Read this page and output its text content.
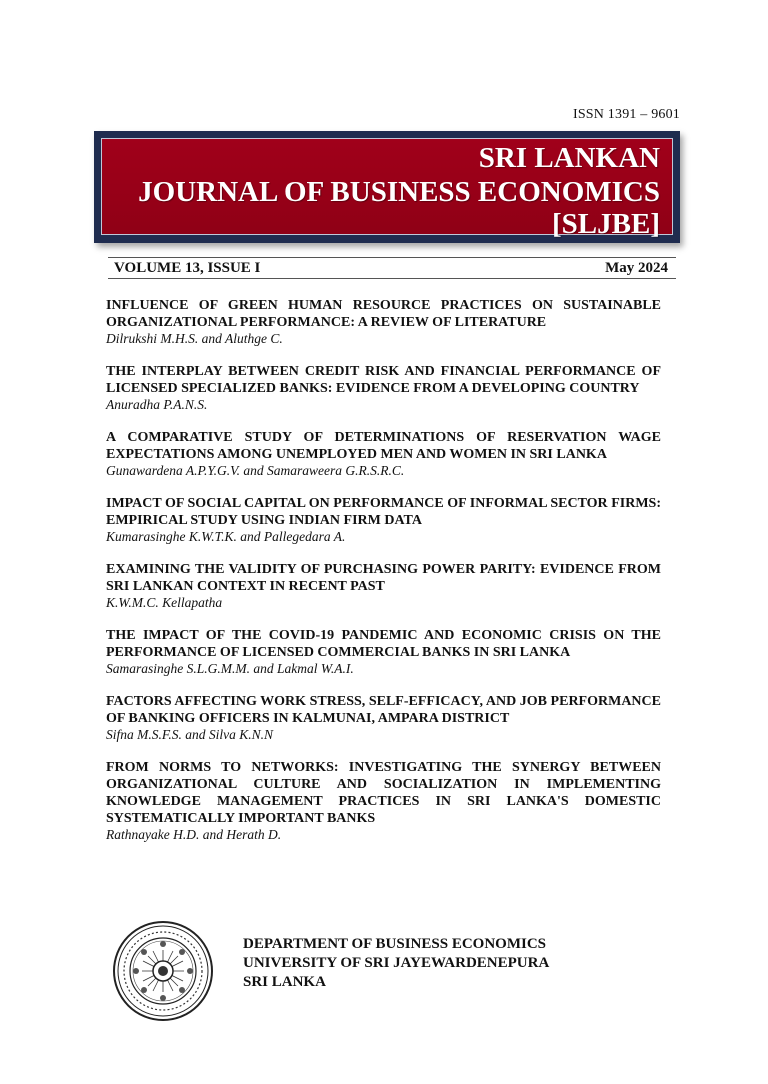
ISSN 1391 – 9601
SRI LANKAN
JOURNAL OF BUSINESS ECONOMICS
[SLJBE]
VOLUME 13, ISSUE I	May 2024

INFLUENCE OF GREEN HUMAN RESOURCE PRACTICES ON SUSTAINABLE ORGANIZATIONAL PERFORMANCE: A REVIEW OF LITERATURE

Dilrukshi M.H.S. and Aluthge C.

THE INTERPLAY BETWEEN CREDIT RISK AND FINANCIAL PERFORMANCE OF LICENSED SPECIALIZED BANKS: EVIDENCE FROM A DEVELOPING COUNTRY

Anuradha P.A.N.S.

A COMPARATIVE STUDY OF DETERMINATIONS OF RESERVATION WAGE EXPECTATIONS AMONG UNEMPLOYED MEN AND WOMEN IN SRI LANKA

Gunawardena A.P.Y.G.V. and Samaraweera G.R.S.R.C.

IMPACT OF SOCIAL CAPITAL ON PERFORMANCE OF INFORMAL SECTOR FIRMS: EMPIRICAL STUDY USING INDIAN FIRM DATA

Kumarasinghe K.W.T.K. and Pallegedara A.

EXAMINING THE VALIDITY OF PURCHASING POWER PARITY: EVIDENCE FROM SRI LANKAN CONTEXT IN RECENT PAST

K.W.M.C. Kellapatha

THE IMPACT OF THE COVID-19 PANDEMIC AND ECONOMIC CRISIS ON THE PERFORMANCE OF LICENSED COMMERCIAL BANKS IN SRI LANKA

Samarasinghe S.L.G.M.M. and Lakmal W.A.I.

FACTORS AFFECTING WORK STRESS, SELF-EFFICACY, AND JOB PERFORMANCE OF BANKING OFFICERS IN KALMUNAI, AMPARA DISTRICT

Sifna M.S.F.S. and Silva K.N.N

FROM NORMS TO NETWORKS: INVESTIGATING THE SYNERGY BETWEEN ORGANIZATIONAL CULTURE AND SOCIALIZATION IN IMPLEMENTING KNOWLEDGE MANAGEMENT PRACTICES IN SRI LANKA'S DOMESTIC SYSTEMATICALLY IMPORTANT BANKS

Rathnayake H.D. and Herath D.

DEPARTMENT OF BUSINESS ECONOMICS
UNIVERSITY OF SRI JAYEWARDENEPURA
SRI LANKA
